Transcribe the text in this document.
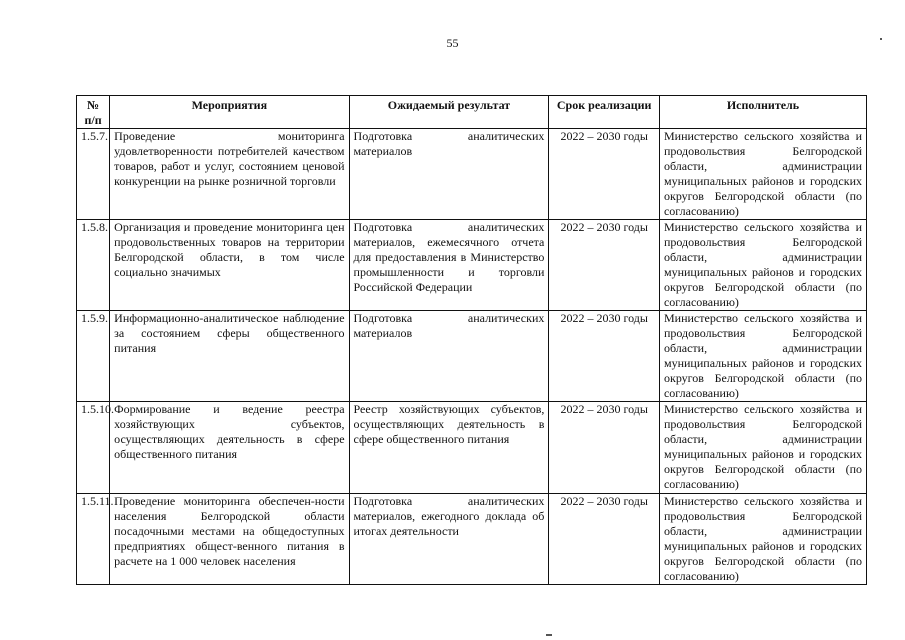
55
№ п/п	Мероприятия	Ожидаемый результат	Срок реализации	Исполнитель
1.5.7.	Проведение мониторинга удовлетворенности потребителей качеством товаров, работ и услуг, состоянием ценовой конкуренции на рынке розничной торговли	Подготовка аналитических материалов	2022 – 2030 годы	Министерство сельского хозяйства и продовольствия Белгородской области, администрации муниципальных районов и городских округов Белгородской области (по согласованию)
1.5.8.	Организация и проведение мониторинга цен продовольственных товаров на территории Белгородской области, в том числе социально значимых	Подготовка аналитических материалов, ежемесячного отчета для предоставления в Министерство промышленности и торговли Российской Федерации	2022 – 2030 годы	Министерство сельского хозяйства и продовольствия Белгородской области, администрации муниципальных районов и городских округов Белгородской области (по согласованию)
1.5.9.	Информационно-аналитическое наблюдение за состоянием сферы общественного питания	Подготовка аналитических материалов	2022 – 2030 годы	Министерство сельского хозяйства и продовольствия Белгородской области, администрации муниципальных районов и городских округов Белгородской области (по согласованию)
1.5.10.	Формирование и ведение реестра хозяйствующих субъектов, осуществляющих деятельность в сфере общественного питания	Реестр хозяйствующих субъектов, осуществляющих деятельность в сфере общественного питания	2022 – 2030 годы	Министерство сельского хозяйства и продовольствия Белгородской области, администрации муниципальных районов и городских округов Белгородской области (по согласованию)
1.5.11.	Проведение мониторинга обеспечен-ности населения Белгородской области посадочными местами на общедоступных предприятиях общест-венного питания в расчете на 1 000 человек населения	Подготовка аналитических материалов, ежегодного доклада об итогах деятельности	2022 – 2030 годы	Министерство сельского хозяйства и продовольствия Белгородской области, администрации муниципальных районов и городских округов Белгородской области (по согласованию)
